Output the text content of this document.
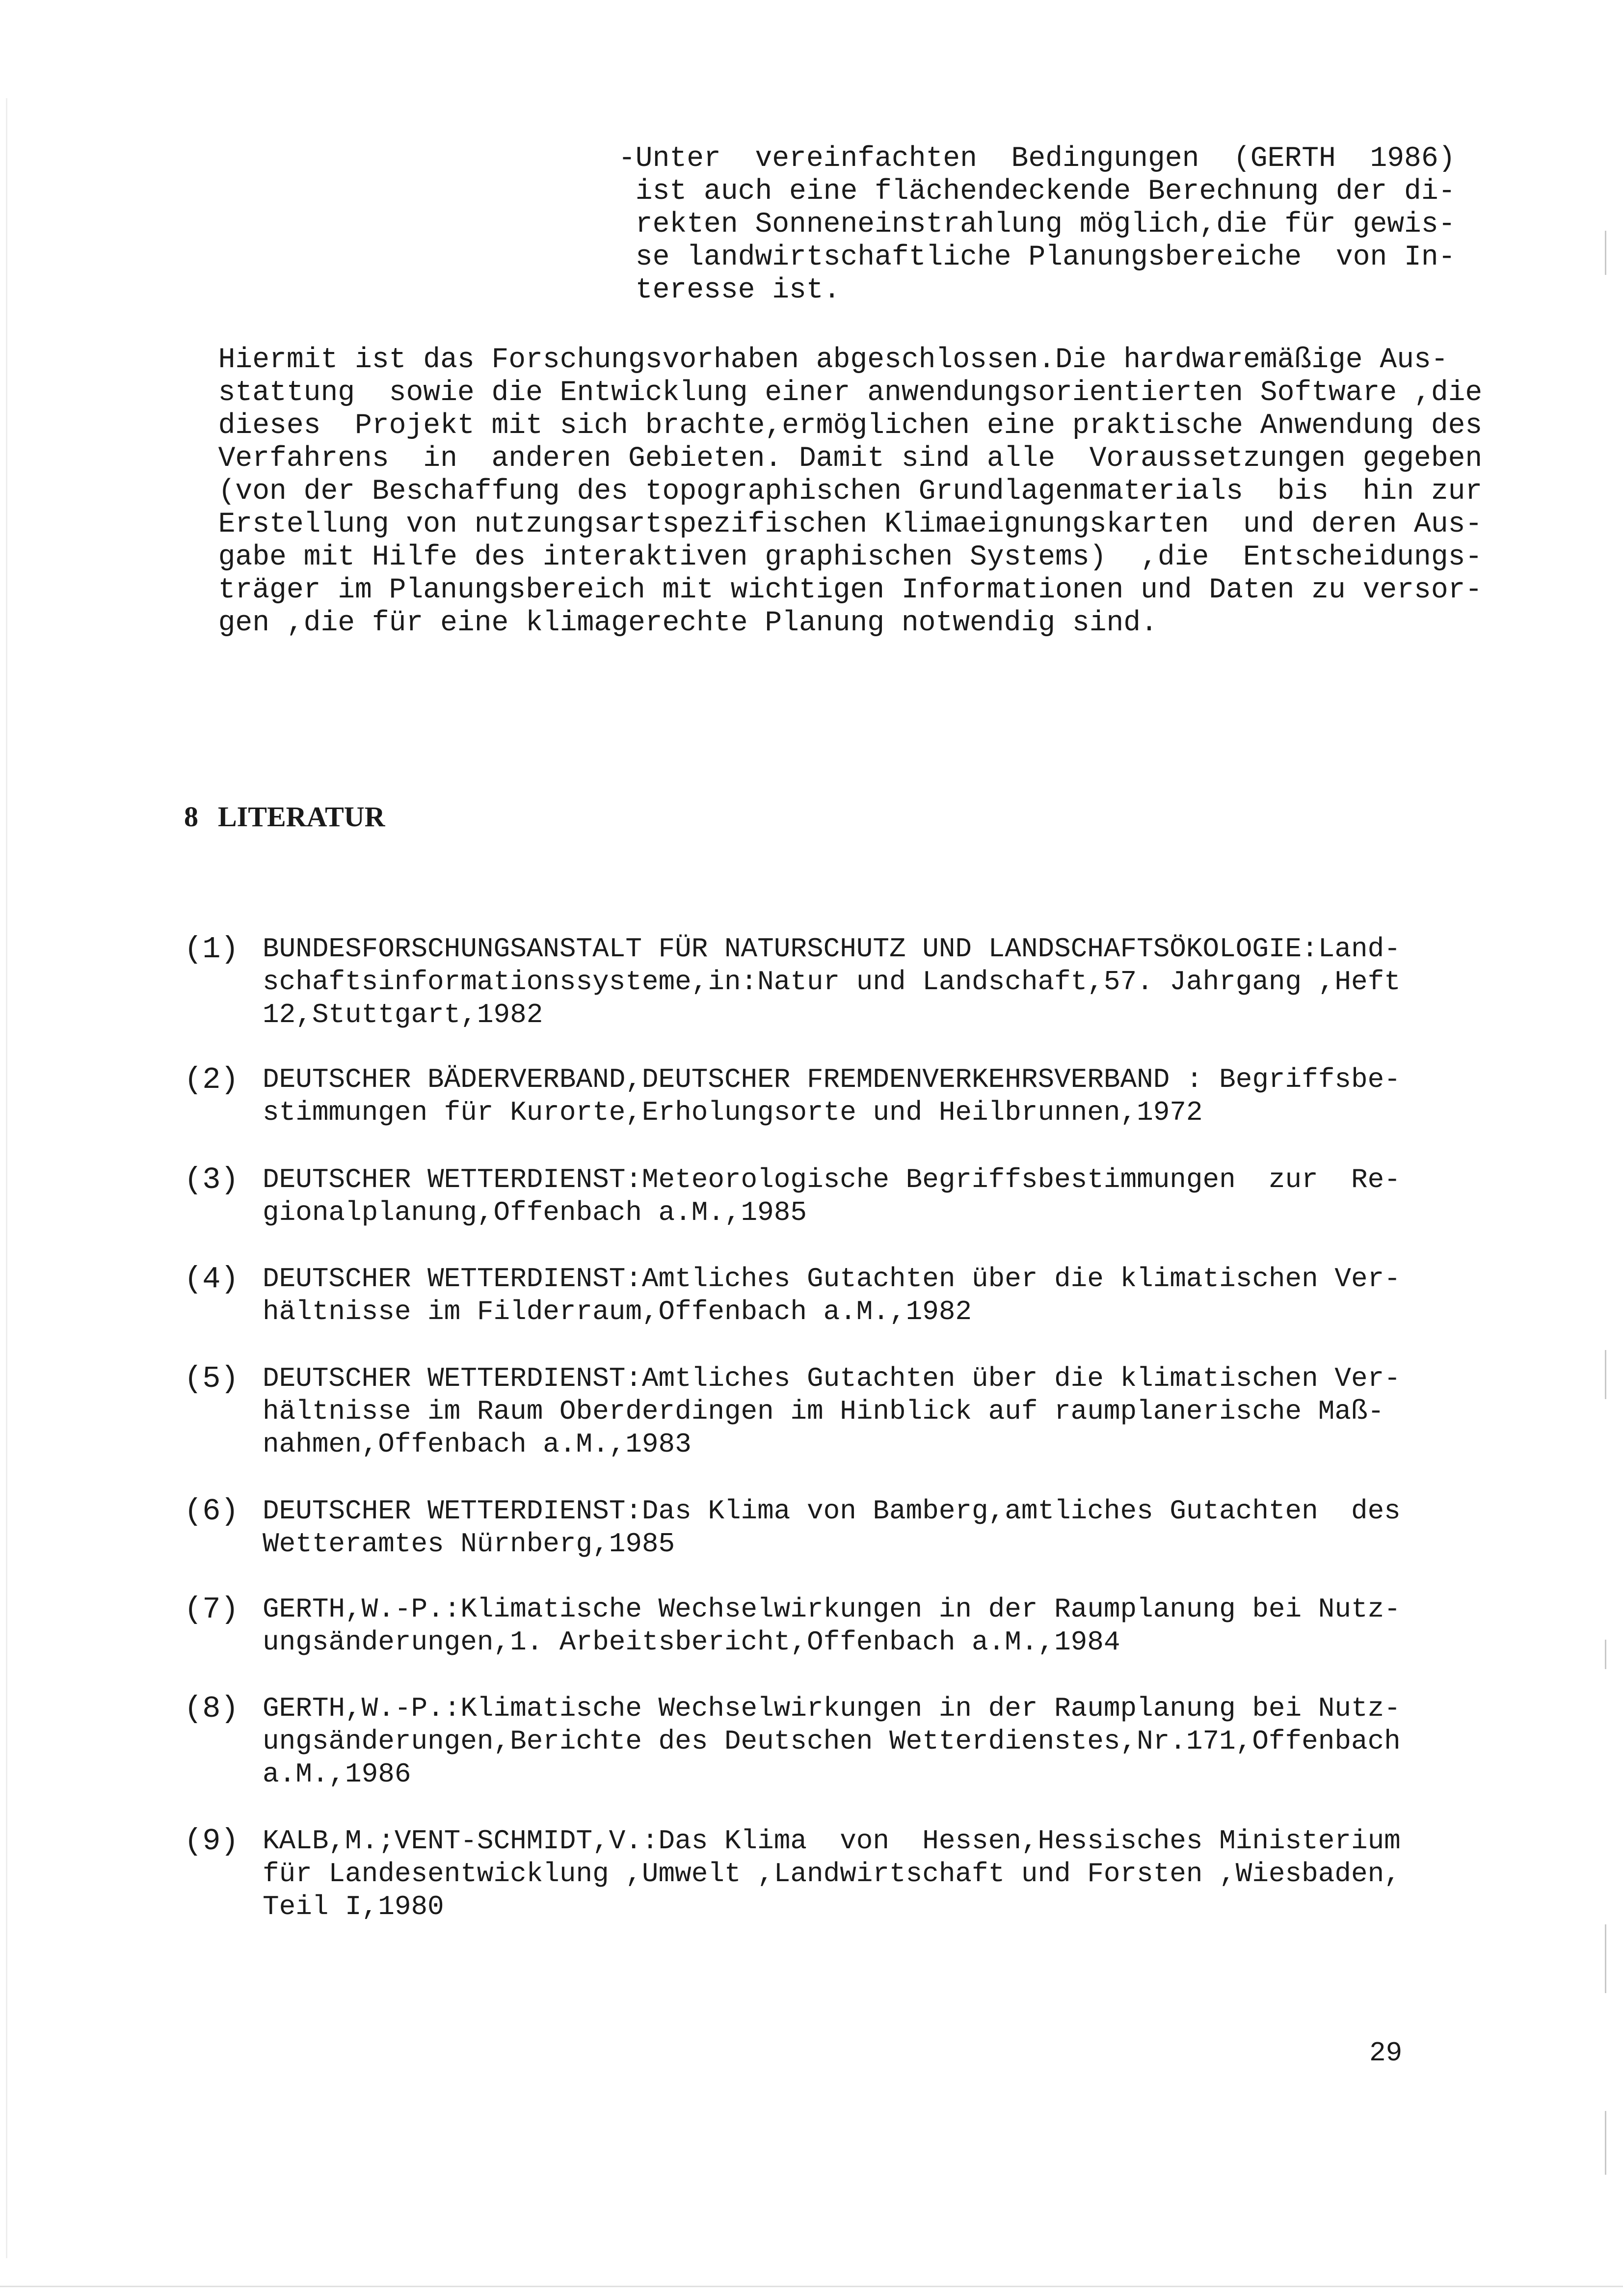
-Unter  vereinfachten  Bedingungen  (GERTH  1986)
ist auch eine flächendeckende Berechnung der di-
rekten Sonneneinstrahlung möglich,die für gewis-
se landwirtschaftliche Planungsbereiche  von In-
teresse ist.
Hiermit ist das Forschungsvorhaben abgeschlossen.Die hardwaremäßige Aus-
stattung  sowie die Entwicklung einer anwendungsorientierten Software ,die
dieses  Projekt mit sich brachte,ermöglichen eine praktische Anwendung des
Verfahrens  in  anderen Gebieten. Damit sind alle  Voraussetzungen gegeben
(von der Beschaffung des topographischen Grundlagenmaterials  bis  hin zur
Erstellung von nutzungsartspezifischen Klimaeignungskarten  und deren Aus-
gabe mit Hilfe des interaktiven graphischen Systems)  ,die  Entscheidungs-
träger im Planungsbereich mit wichtigen Informationen und Daten zu versor-
gen ,die für eine klimagerechte Planung notwendig sind.
8 LITERATUR
(1) BUNDESFORSCHUNGSANSTALT FÜR NATURSCHUTZ UND LANDSCHAFTSÖKOLOGIE:Land-
schaftsinformationssysteme,in:Natur und Landschaft,57. Jahrgang ,Heft
12,Stuttgart,1982
(2) DEUTSCHER BÄDERVERBAND,DEUTSCHER FREMDENVERKEHRSVERBAND : Begriffsbe-
stimmungen für Kurorte,Erholungsorte und Heilbrunnen,1972
(3) DEUTSCHER WETTERDIENST:Meteorologische Begriffsbestimmungen  zur  Re-
gionalplanung,Offenbach a.M.,1985
(4) DEUTSCHER WETTERDIENST:Amtliches Gutachten über die klimatischen Ver-
hältnisse im Filderraum,Offenbach a.M.,1982
(5) DEUTSCHER WETTERDIENST:Amtliches Gutachten über die klimatischen Ver-
hältnisse im Raum Oberderdingen im Hinblick auf raumplanerische Maß-
nahmen,Offenbach a.M.,1983
(6) DEUTSCHER WETTERDIENST:Das Klima von Bamberg,amtliches Gutachten  des
Wetteramtes Nürnberg,1985
(7) GERTH,W.-P.:Klimatische Wechselwirkungen in der Raumplanung bei Nutz-
ungsänderungen,1. Arbeitsbericht,Offenbach a.M.,1984
(8) GERTH,W.-P.:Klimatische Wechselwirkungen in der Raumplanung bei Nutz-
ungsänderungen,Berichte des Deutschen Wetterdienstes,Nr.171,Offenbach
a.M.,1986
(9) KALB,M.;VENT-SCHMIDT,V.:Das Klima  von  Hessen,Hessisches Ministerium
für Landesentwicklung ,Umwelt ,Landwirtschaft und Forsten ,Wiesbaden,
Teil I,1980
29
